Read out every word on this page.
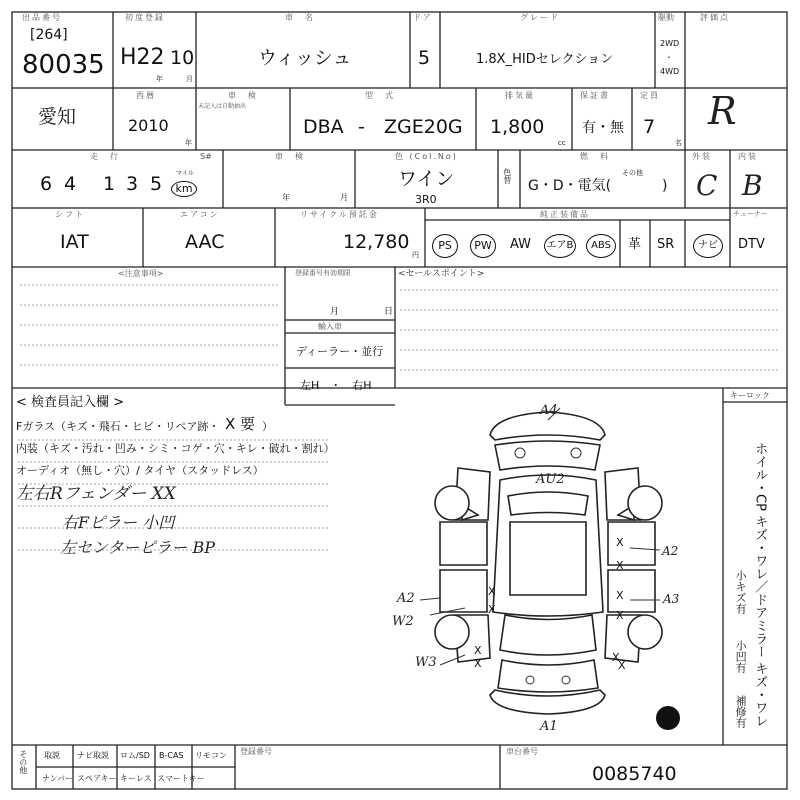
出品番号
[264]
80035
初度登録
H22 10
年	月
車　名
ウィッシュ
ドア
5
グレード
1.8X_HIDセレクション
駆動
2WD
・
4WD
評価点
R
所有地
愛知
西暦
2010
年
車　検
未記入は自動抽出
型　式
DBA - ZGE20G
排気量
1,800
cc
保証書
有・無
定員
7
名
走　行
6 4 1 3 5 マイル
km
S#	車　検
年	月
色 (Col.No)
ワイン
3R0
色替
燃　料
G・D・電気(
その他
)
外装
C
内装
B
シフト
IAT
エアコン
AAC
リサイクル預託金
12,780
円
純正装備品
PS	PW	AW エアB	ABS	革 SR	ナビ	DTV
チューナー
<注意事項>	登録番号有効期限
月	日
輸入車
ディーラー・並行
左H　・　右H
<セールスポイント>
< 検査員記入欄 >
Fガラス（キズ・飛石・ヒビ・リペア跡・ X 要 ）
内装（キズ・汚れ・凹み・シミ・コゲ・穴・キレ・破れ・割れ）
オーディオ（無し・穴）/ タイヤ（スタッドレス）
左右Rフェンダー XX
右Fピラー 小凹
左センターピラー BP
キーロック
ホイル・CP キズ・ワレ／ドアミラー キズ・ワレ
小キズ有
小凹有
補修有
A4
AU2
A2
A3
A2
W2
W3
A1
X
X
X
X
X
X
X
X	X
X
その他 取説 ナビ取説 ロム/SD B-CAS リモコン
ナンバー スペアキー キーレス スマートキー
登録番号	車台番号
0085740
